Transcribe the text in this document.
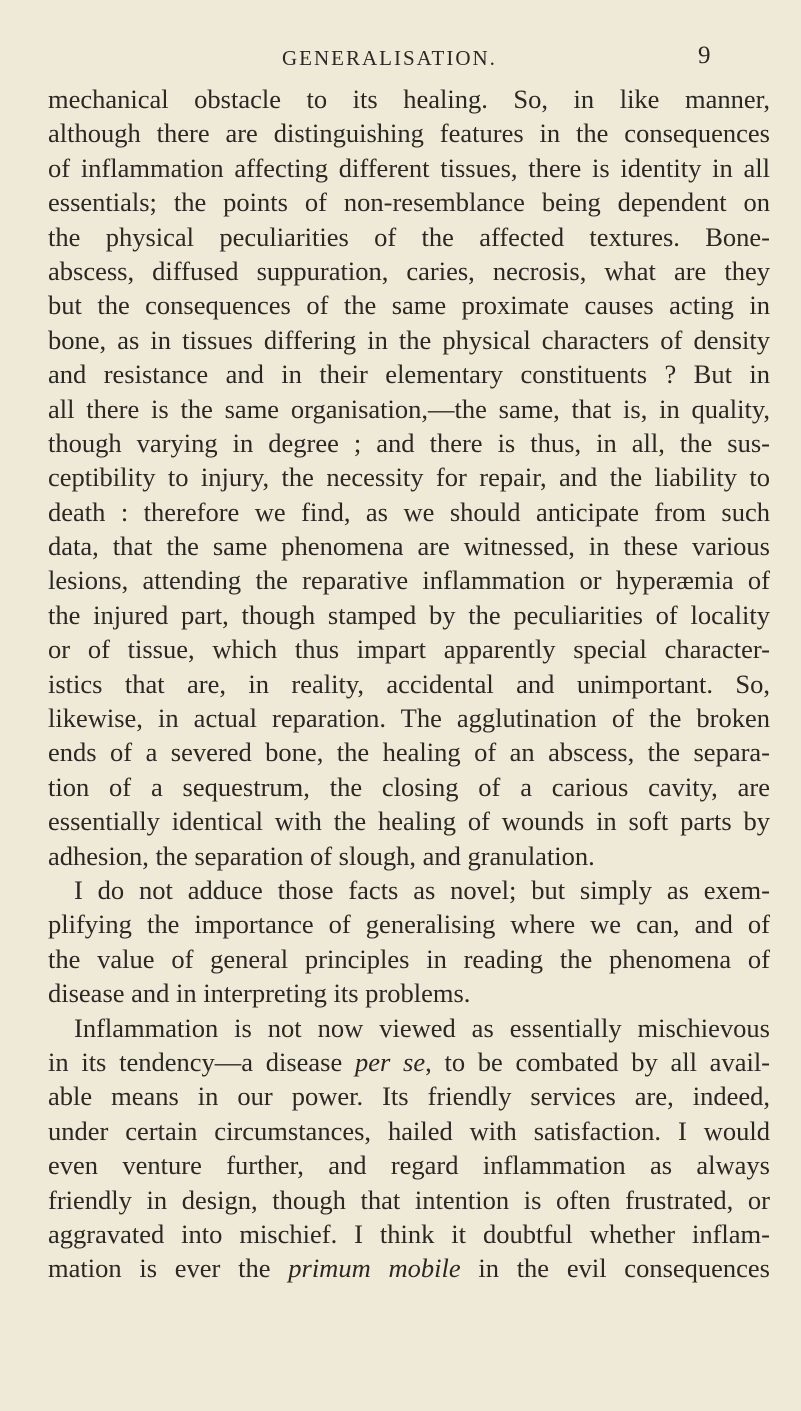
GENERALISATION.	9
mechanical obstacle to its healing. So, in like manner,
although there are distinguishing features in the consequences
of inflammation affecting different tissues, there is identity in all
essentials; the points of non-resemblance being dependent on
the physical peculiarities of the affected textures. Bone-
abscess, diffused suppuration, caries, necrosis, what are they
but the consequences of the same proximate causes acting in
bone, as in tissues differing in the physical characters of density
and resistance and in their elementary constituents ? But in
all there is the same organisation,—the same, that is, in quality,
though varying in degree ; and there is thus, in all, the sus-
ceptibility to injury, the necessity for repair, and the liability to
death : therefore we find, as we should anticipate from such
data, that the same phenomena are witnessed, in these various
lesions, attending the reparative inflammation or hyperæmia of
the injured part, though stamped by the peculiarities of locality
or of tissue, which thus impart apparently special character-
istics that are, in reality, accidental and unimportant. So,
likewise, in actual reparation. The agglutination of the broken
ends of a severed bone, the healing of an abscess, the separa-
tion of a sequestrum, the closing of a carious cavity, are
essentially identical with the healing of wounds in soft parts by
adhesion, the separation of slough, and granulation.
I do not adduce those facts as novel; but simply as exem-
plifying the importance of generalising where we can, and of
the value of general principles in reading the phenomena of
disease and in interpreting its problems.
Inflammation is not now viewed as essentially mischievous
in its tendency—a disease per se, to be combated by all avail-
able means in our power. Its friendly services are, indeed,
under certain circumstances, hailed with satisfaction. I would
even venture further, and regard inflammation as always
friendly in design, though that intention is often frustrated, or
aggravated into mischief. I think it doubtful whether inflam-
mation is ever the primum mobile in the evil consequences
